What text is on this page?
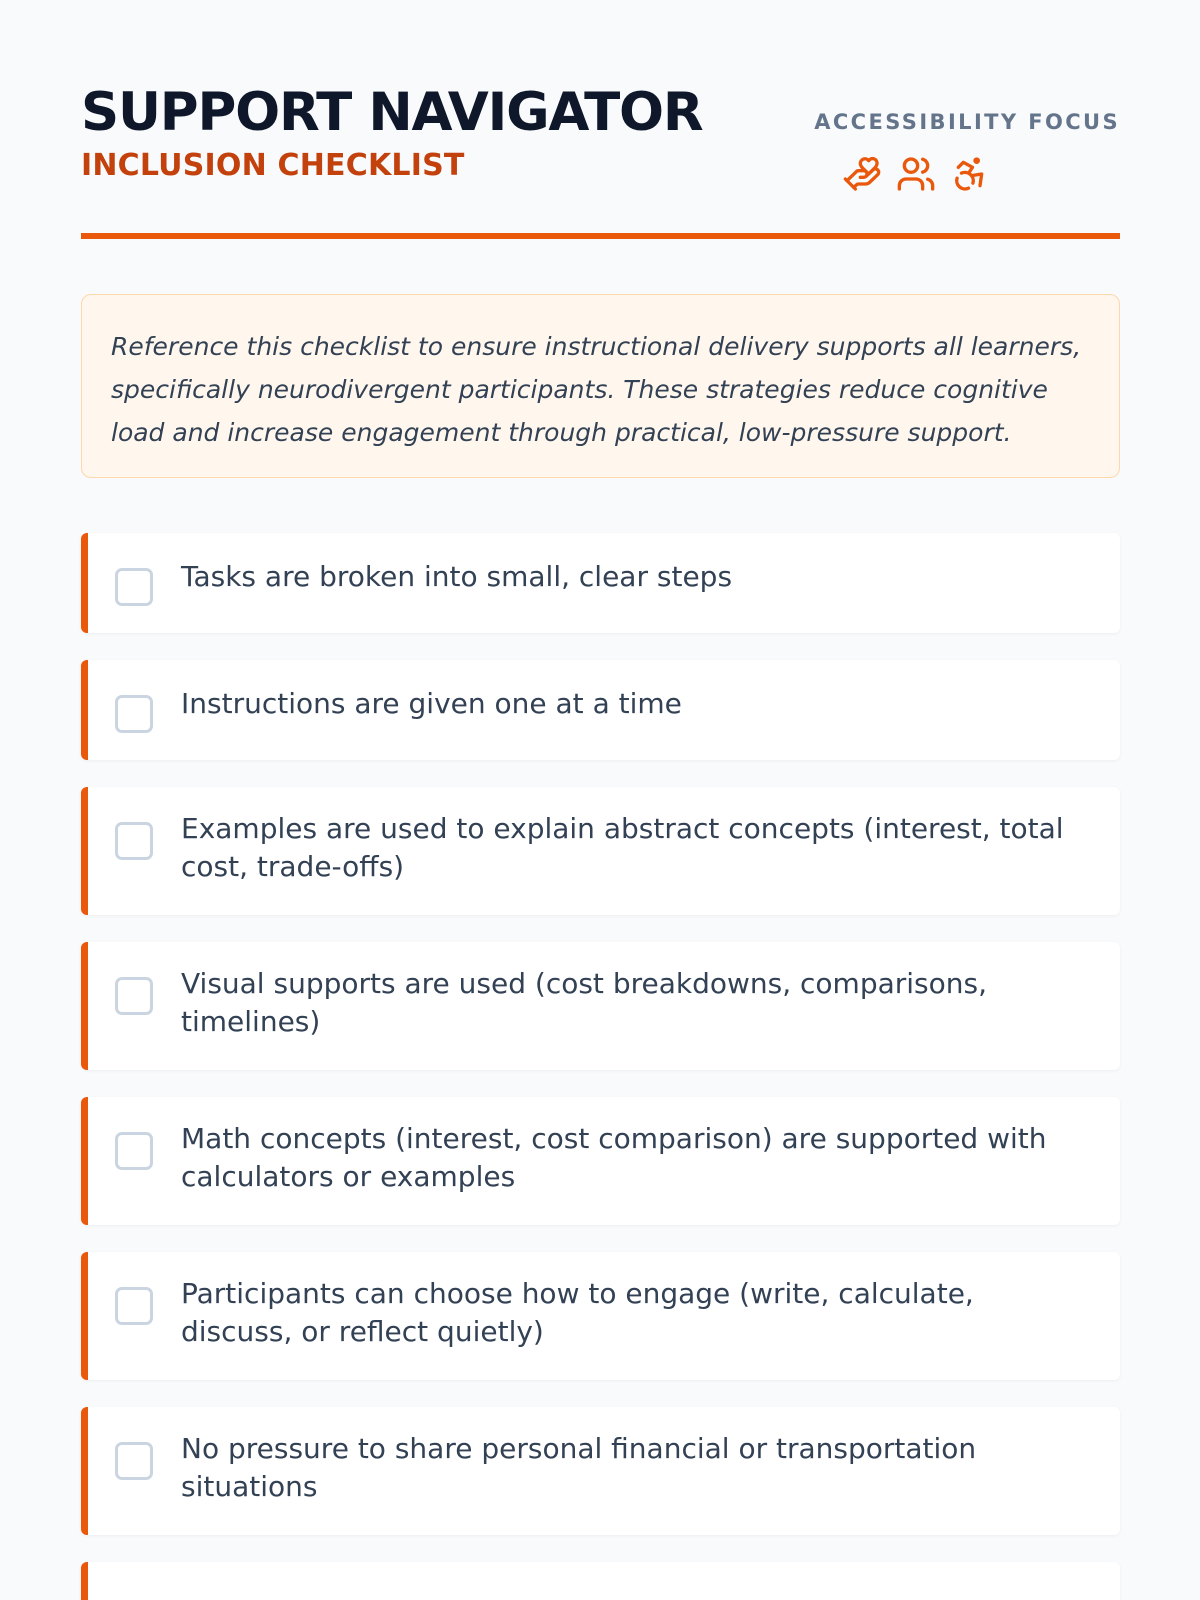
SUPPORT NAVIGATOR
INCLUSION CHECKLIST
ACCESSIBILITY FOCUS

Reference this checklist to ensure instructional delivery supports all learners, specifically neurodivergent participants. These strategies reduce cognitive load and increase engagement through practical, low-pressure support.

Tasks are broken into small, clear steps

Instructions are given one at a time

Examples are used to explain abstract concepts (interest, total cost, trade-offs)

Visual supports are used (cost breakdowns, comparisons, timelines)

Math concepts (interest, cost comparison) are supported with calculators or examples

Participants can choose how to engage (write, calculate, discuss, or reflect quietly)

No pressure to share personal financial or transportation situations
